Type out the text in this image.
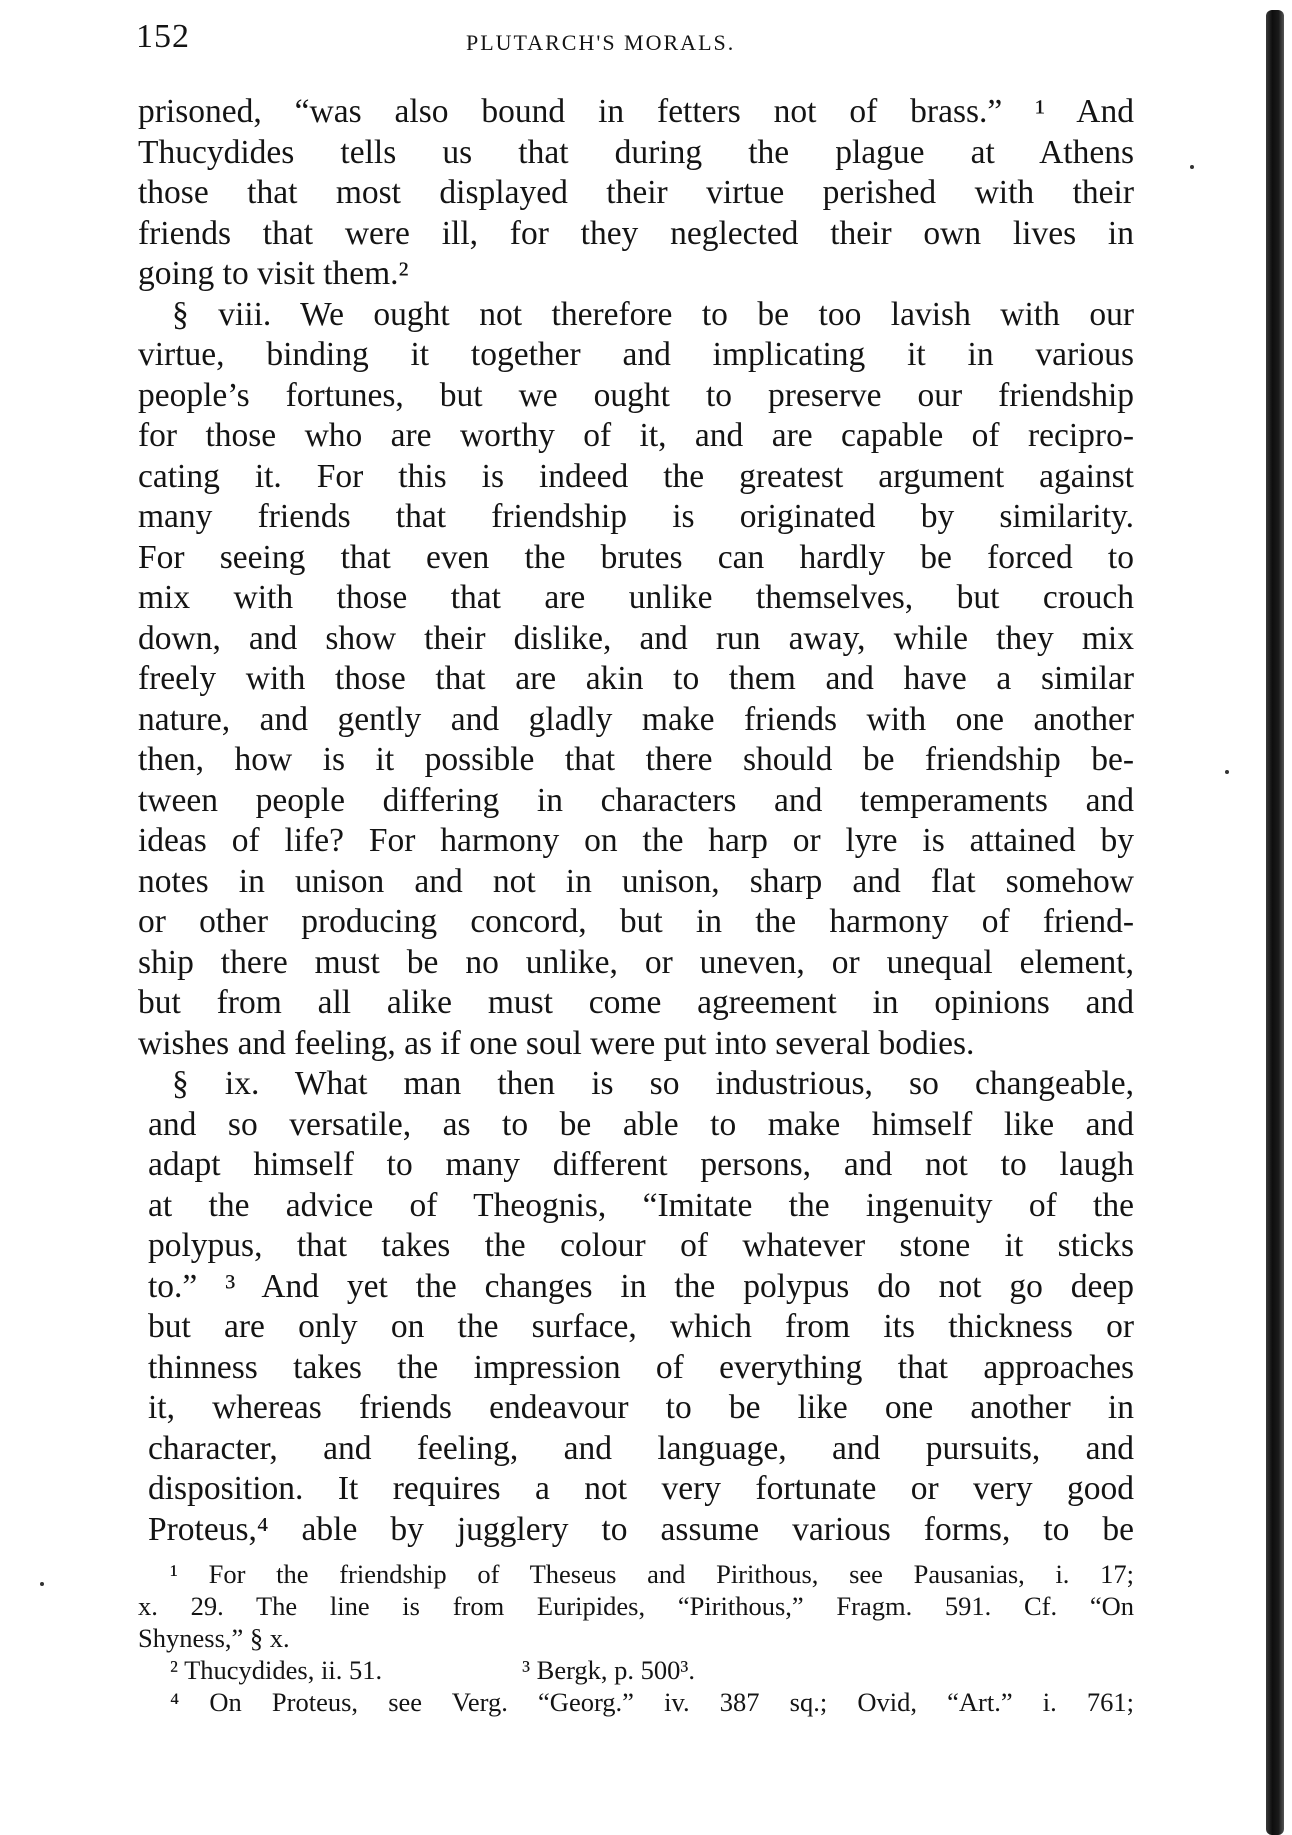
152	PLUTARCH'S MORALS.
prisoned, “was also bound in fetters not of brass.” ¹ And
Thucydides tells us that during the plague at Athens
those that most displayed their virtue perished with their
friends that were ill, for they neglected their own lives in
going to visit them.²
§ viii. We ought not therefore to be too lavish with our
virtue, binding it together and implicating it in various
people’s fortunes, but we ought to preserve our friendship
for those who are worthy of it, and are capable of recipro-
cating it. For this is indeed the greatest argument against
many friends that friendship is originated by similarity.
For seeing that even the brutes can hardly be forced to
mix with those that are unlike themselves, but crouch
down, and show their dislike, and run away, while they mix
freely with those that are akin to them and have a similar
nature, and gently and gladly make friends with one another
then, how is it possible that there should be friendship be-
tween people differing in characters and temperaments and
ideas of life? For harmony on the harp or lyre is attained by
notes in unison and not in unison, sharp and flat somehow
or other producing concord, but in the harmony of friend-
ship there must be no unlike, or uneven, or unequal element,
but from all alike must come agreement in opinions and
wishes and feeling, as if one soul were put into several bodies.
§ ix. What man then is so industrious, so changeable,
and so versatile, as to be able to make himself like and
adapt himself to many different persons, and not to laugh
at the advice of Theognis, “Imitate the ingenuity of the
polypus, that takes the colour of whatever stone it sticks
to.” ³ And yet the changes in the polypus do not go deep
but are only on the surface, which from its thickness or
thinness takes the impression of everything that approaches
it, whereas friends endeavour to be like one another in
character, and feeling, and language, and pursuits, and
disposition. It requires a not very fortunate or very good
Proteus,⁴ able by jugglery to assume various forms, to be
¹ For the friendship of Theseus and Pirithous, see Pausanias, i. 17;
x. 29. The line is from Euripides, “Pirithous,” Fragm. 591. Cf. “On
Shyness,” § x.
² Thucydides, ii. 51.	³ Bergk, p. 500³.
⁴ On Proteus, see Verg. “Georg.” iv. 387 sq.; Ovid, “Art.” i. 761;
